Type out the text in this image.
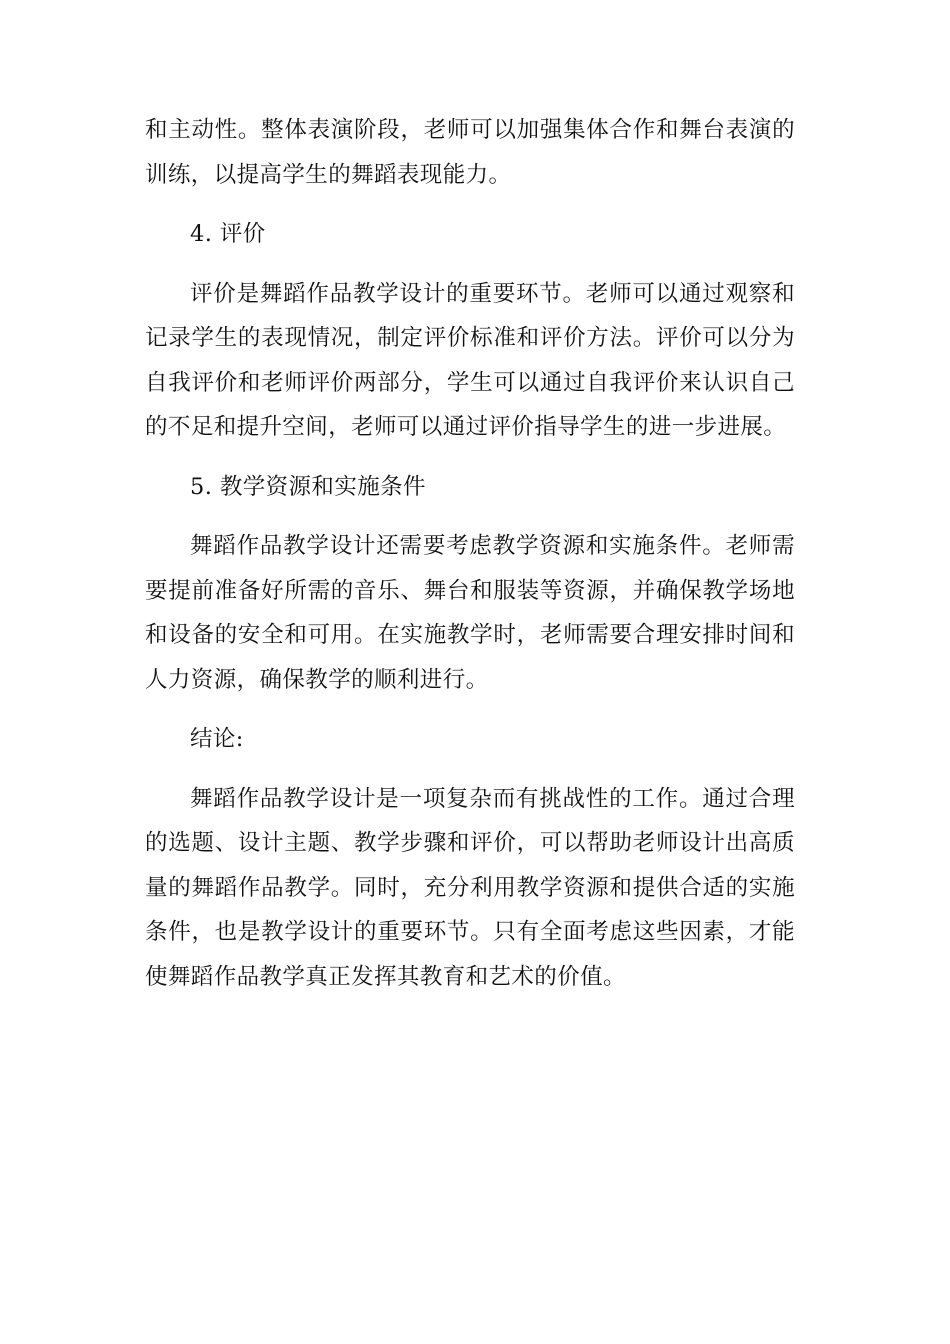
和主动性。整体表演阶段，老师可以加强集体合作和舞台表演的训练，以提高学生的舞蹈表现能力。

4. 评价

评价是舞蹈作品教学设计的重要环节。老师可以通过观察和记录学生的表现情况，制定评价标准和评价方法。评价可以分为自我评价和老师评价两部分，学生可以通过自我评价来认识自己的不足和提升空间，老师可以通过评价指导学生的进一步进展。

5. 教学资源和实施条件

舞蹈作品教学设计还需要考虑教学资源和实施条件。老师需要提前准备好所需的音乐、舞台和服装等资源，并确保教学场地和设备的安全和可用。在实施教学时，老师需要合理安排时间和人力资源，确保教学的顺利进行。

结论:

舞蹈作品教学设计是一项复杂而有挑战性的工作。通过合理的选题、设计主题、教学步骤和评价，可以帮助老师设计出高质量的舞蹈作品教学。同时，充分利用教学资源和提供合适的实施条件，也是教学设计的重要环节。只有全面考虑这些因素，才能使舞蹈作品教学真正发挥其教育和艺术的价值。
